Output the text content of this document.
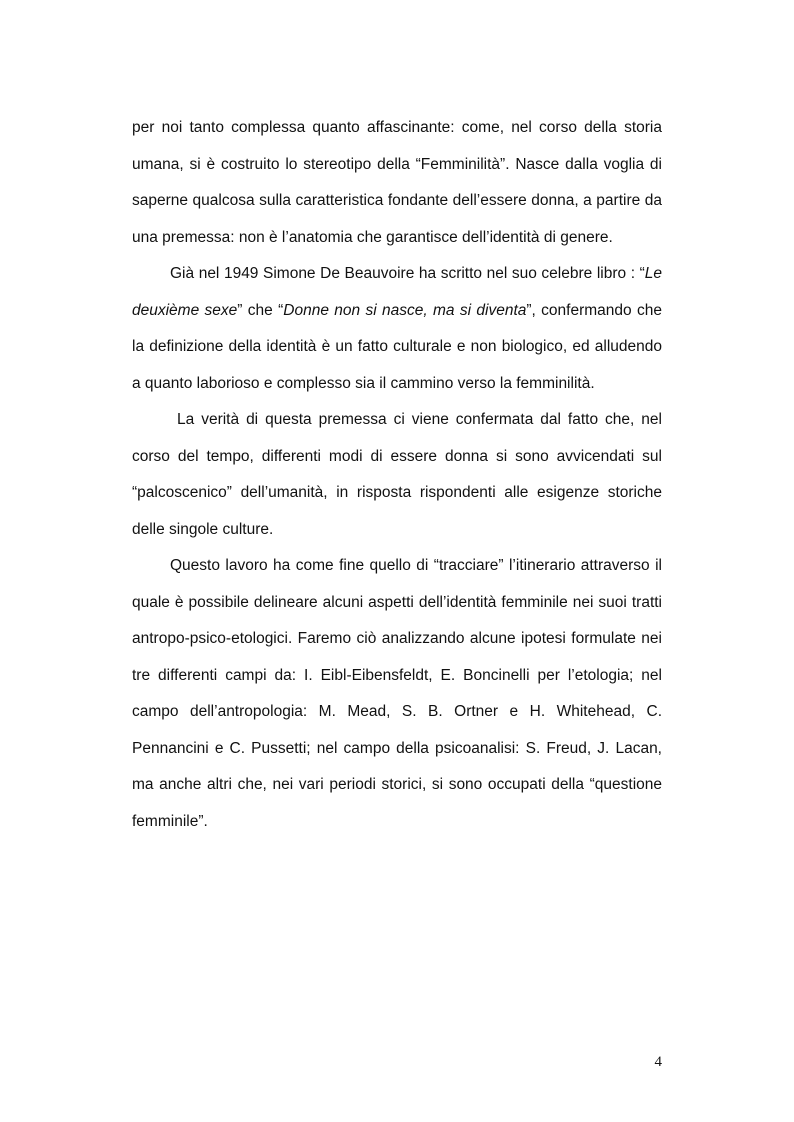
per noi tanto complessa quanto affascinante: come, nel corso della storia umana, si è costruito lo stereotipo della “Femminilità”. Nasce dalla voglia di saperne qualcosa sulla caratteristica fondante dell’essere donna, a partire da una premessa: non è l’anatomia che garantisce dell’identità di genere.

Già nel 1949 Simone De Beauvoire ha scritto nel suo celebre libro : “Le deuxième sexe” che “Donne non si nasce, ma si diventa”, confermando che la definizione della identità è un fatto culturale e non biologico, ed alludendo a quanto laborioso e complesso sia il cammino verso la femminilità.

La verità di questa premessa ci viene confermata dal fatto che, nel corso del tempo, differenti modi di essere donna si sono avvicendati sul “palcoscenico” dell’umanità, in risposta rispondenti alle esigenze storiche delle singole culture.

Questo lavoro ha come fine quello di “tracciare” l’itinerario attraverso il quale è possibile delineare alcuni aspetti dell’identità femminile nei suoi tratti antropo-psico-etologici. Faremo ciò analizzando alcune ipotesi formulate nei tre differenti campi da: I. Eibl-Eibensfeldt, E. Boncinelli per l’etologia; nel campo dell’antropologia: M. Mead, S. B. Ortner e H. Whitehead, C. Pennancini e C. Pussetti; nel campo della psicoanalisi: S. Freud, J. Lacan, ma anche altri che, nei vari periodi storici, si sono occupati della “questione femminile”.

4
